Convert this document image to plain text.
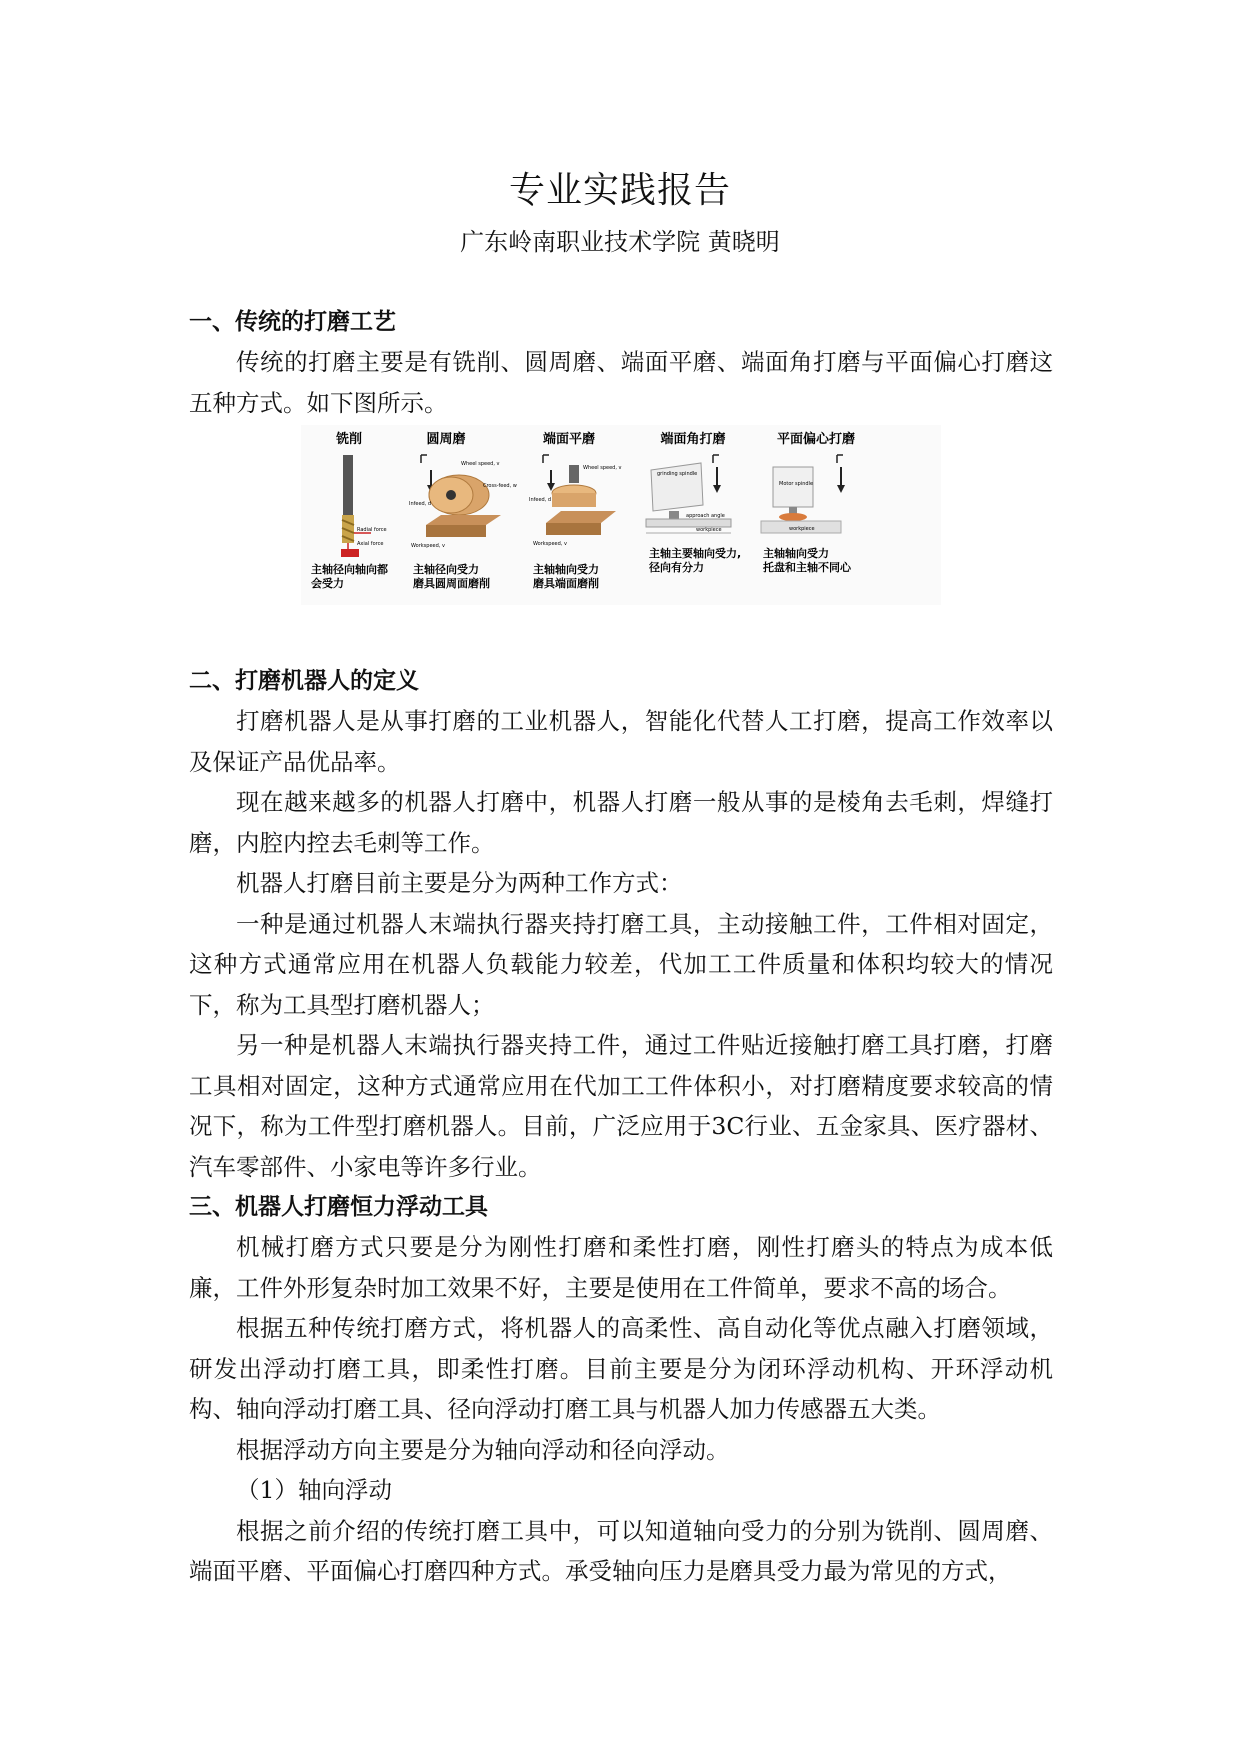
专业实践报告
广东岭南职业技术学院 黄晓明
一、传统的打磨工艺

传统的打磨主要是有铣削、圆周磨、端面平磨、端面角打磨与平面偏心打磨这五种方式。如下图所示。

铣削
Radial force
Axial force
主轴径向轴向都
会受力
圆周磨
Wheel speed, v
Cross-feed, w
Infeed, d
Workspeed, v
主轴径向受力
磨具圆周面磨削
端面平磨
Wheel speed, v
Infeed, d
Workspeed, v
主轴轴向受力
磨具端面磨削
端面角打磨
grinding spindle
approach angle
workpiece
主轴主要轴向受力,
径向有分力
平面偏心打磨
Motor spindle
workpiece
主轴轴向受力
托盘和主轴不同心
二、打磨机器人的定义

打磨机器人是从事打磨的工业机器人，智能化代替人工打磨，提高工作效率以及保证产品优品率。

现在越来越多的机器人打磨中，机器人打磨一般从事的是棱角去毛刺，焊缝打磨，内腔内控去毛刺等工作。

机器人打磨目前主要是分为两种工作方式：

一种是通过机器人末端执行器夹持打磨工具，主动接触工件，工件相对固定，这种方式通常应用在机器人负载能力较差，代加工工件质量和体积均较大的情况下，称为工具型打磨机器人；

另一种是机器人末端执行器夹持工件，通过工件贴近接触打磨工具打磨，打磨工具相对固定，这种方式通常应用在代加工工件体积小，对打磨精度要求较高的情况下，称为工件型打磨机器人。目前，广泛应用于3C行业、五金家具、医疗器材、汽车零部件、小家电等许多行业。

三、机器人打磨恒力浮动工具

机械打磨方式只要是分为刚性打磨和柔性打磨，刚性打磨头的特点为成本低廉，工件外形复杂时加工效果不好，主要是使用在工件简单，要求不高的场合。

根据五种传统打磨方式，将机器人的高柔性、高自动化等优点融入打磨领域，研发出浮动打磨工具，即柔性打磨。目前主要是分为闭环浮动机构、开环浮动机构、轴向浮动打磨工具、径向浮动打磨工具与机器人加力传感器五大类。

根据浮动方向主要是分为轴向浮动和径向浮动。

（1）轴向浮动

根据之前介绍的传统打磨工具中，可以知道轴向受力的分别为铣削、圆周磨、端面平磨、平面偏心打磨四种方式。承受轴向压力是磨具受力最为常见的方式，
